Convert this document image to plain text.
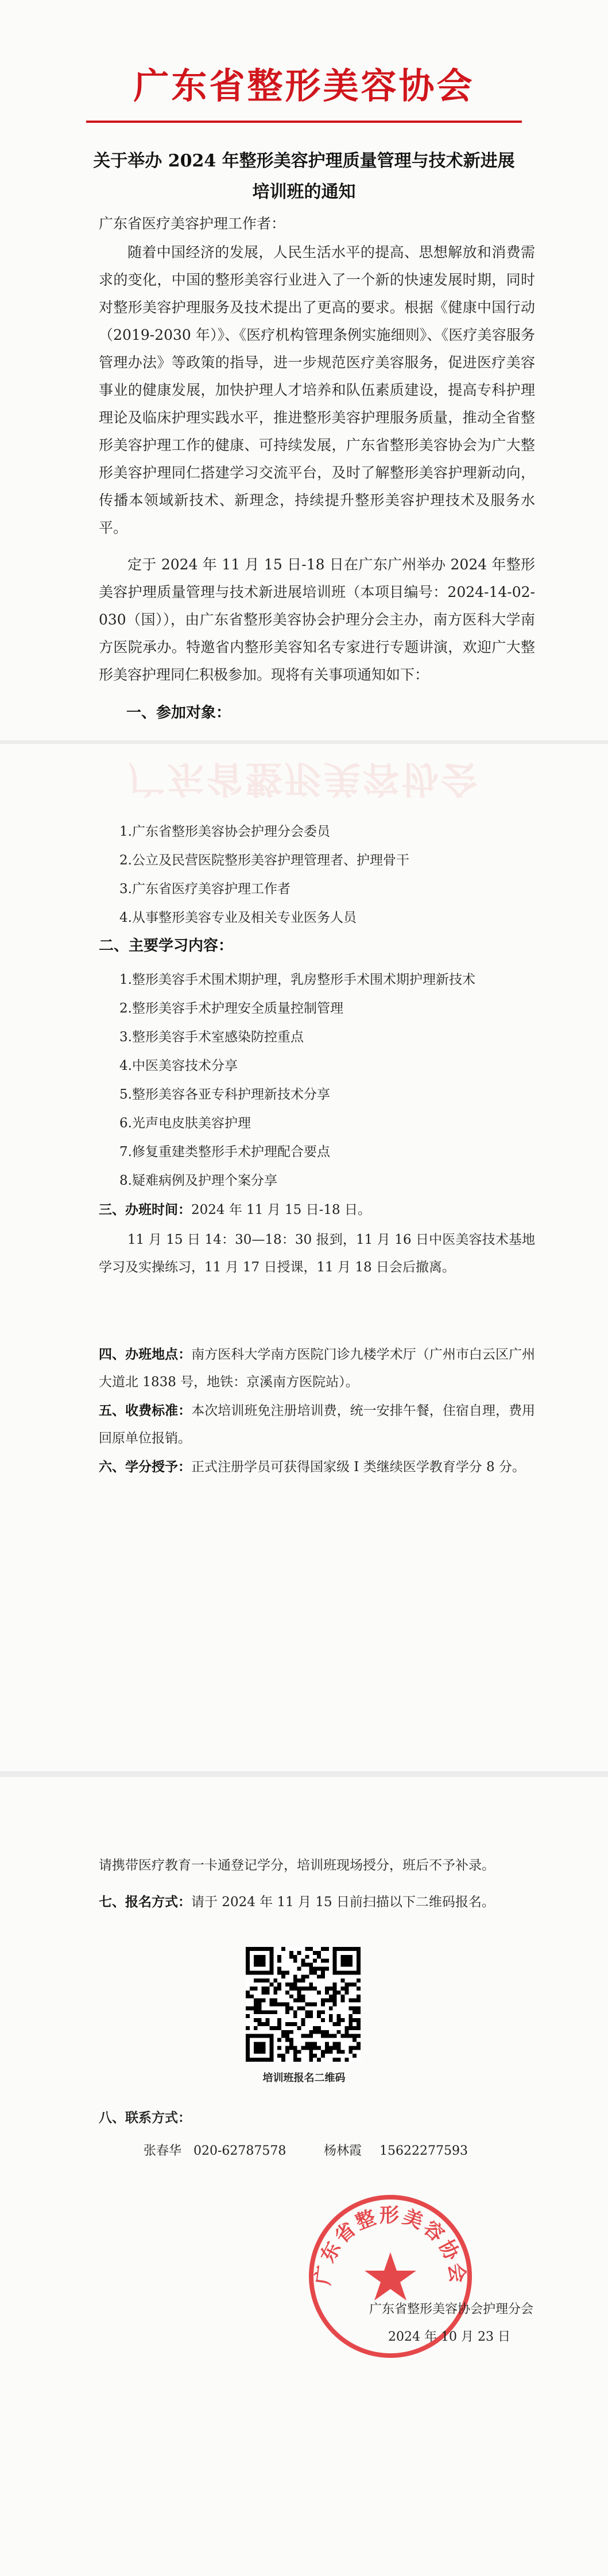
广东省整形美容协会
关于举办 2024 年整形美容护理质量管理与技术新进展
培训班的通知
广东省医疗美容护理工作者：
随着中国经济的发展，人民生活水平的提高、思想解放和消费需求的变化，中国的整形美容行业进入了一个新的快速发展时期，同时对整形美容护理服务及技术提出了更高的要求。根据《健康中国行动（2019-2030 年）》、《医疗机构管理条例实施细则》、《医疗美容服务管理办法》等政策的指导，进一步规范医疗美容服务，促进医疗美容事业的健康发展，加快护理人才培养和队伍素质建设，提高专科护理理论及临床护理实践水平，推进整形美容护理服务质量，推动全省整形美容护理工作的健康、可持续发展，广东省整形美容协会为广大整形美容护理同仁搭建学习交流平台，及时了解整形美容护理新动向，传播本领域新技术、新理念，持续提升整形美容护理技术及服务水平。
定于 2024 年 11 月 15 日-18 日在广东广州举办 2024 年整形美容护理质量管理与技术新进展培训班（本项目编号：2024-14-02-030（国）），由广东省整形美容协会护理分会主办，南方医科大学南方医院承办。特邀省内整形美容知名专家进行专题讲演，欢迎广大整形美容护理同仁积极参加。现将有关事项通知如下：
一、参加对象：
广东省整形美容协会
1.广东省整形美容协会护理分会委员
2.公立及民营医院整形美容护理管理者、护理骨干
3.广东省医疗美容护理工作者
4.从事整形美容专业及相关专业医务人员
二、主要学习内容：
1.整形美容手术围术期护理，乳房整形手术围术期护理新技术
2.整形美容手术护理安全质量控制管理
3.整形美容手术室感染防控重点
4.中医美容技术分享
5.整形美容各亚专科护理新技术分享
6.光声电皮肤美容护理
7.修复重建类整形手术护理配合要点
8.疑难病例及护理个案分享
三、办班时间：2024 年 11 月 15 日-18 日。
11 月 15 日 14：30—18：30 报到，11 月 16 日中医美容技术基地学习及实操练习，11 月 17 日授课，11 月 18 日会后撤离。
四、办班地点：南方医科大学南方医院门诊九楼学术厅（广州市白云区广州大道北 1838 号，地铁：京溪南方医院站）。
五、收费标准：本次培训班免注册培训费，统一安排午餐，住宿自理，费用回原单位报销。
六、学分授予：正式注册学员可获得国家级 I 类继续医学教育学分 8 分。
请携带医疗教育一卡通登记学分，培训班现场授分，班后不予补录。
七、报名方式：请于 2024 年 11 月 15 日前扫描以下二维码报名。
培训班报名二维码
八、联系方式：
张春华 020-62787578	杨林霞 15622277593
广东省整形美容协会
广东省整形美容协会护理分会
2024 年 10 月 23 日
